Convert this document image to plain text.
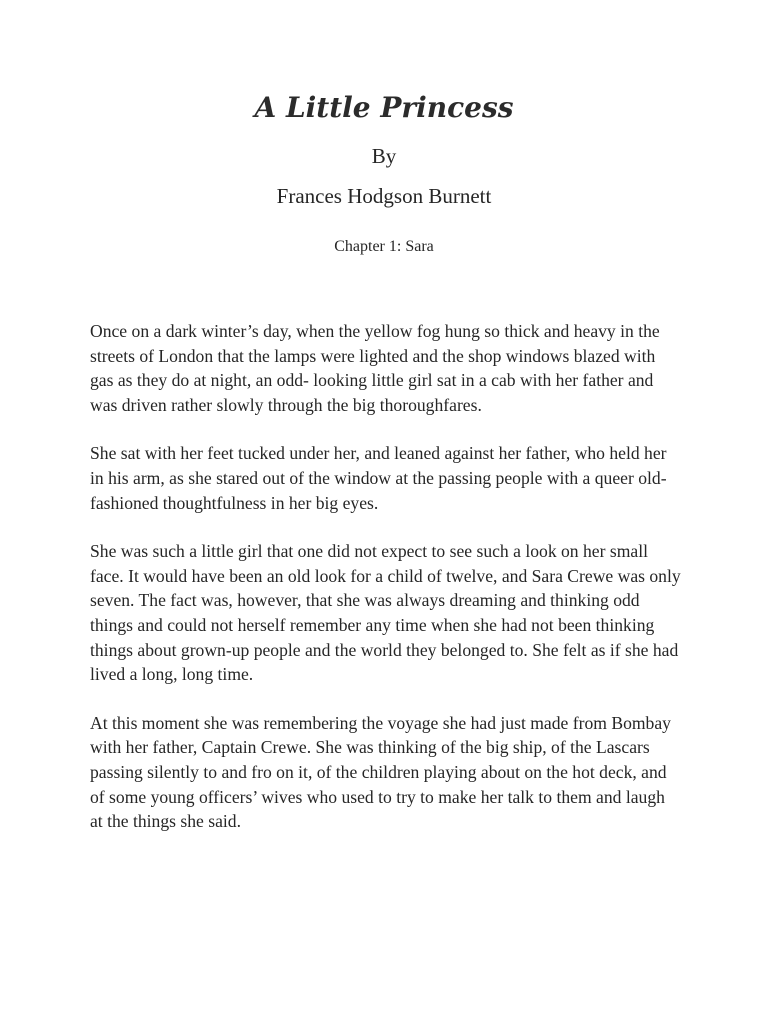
A Little Princess

By

Frances Hodgson Burnett

Chapter 1: Sara

Once on a dark winter’s day, when the yellow fog hung so thick and heavy in the streets of London that the lamps were lighted and the shop windows blazed with gas as they do at night, an odd- looking little girl sat in a cab with her father and was driven rather slowly through the big thoroughfares.

She sat with her feet tucked under her, and leaned against her father, who held her in his arm, as she stared out of the window at the passing people with a queer old-fashioned thoughtfulness in her big eyes.

She was such a little girl that one did not expect to see such a look on her small face. It would have been an old look for a child of twelve, and Sara Crewe was only seven. The fact was, however, that she was always dreaming and thinking odd things and could not herself remember any time when she had not been thinking things about grown-up people and the world they belonged to. She felt as if she had lived a long, long time.

At this moment she was remembering the voyage she had just made from Bombay with her father, Captain Crewe. She was thinking of the big ship, of the Lascars passing silently to and fro on it, of the children playing about on the hot deck, and of some young officers’ wives who used to try to make her talk to them and laugh at the things she said.
